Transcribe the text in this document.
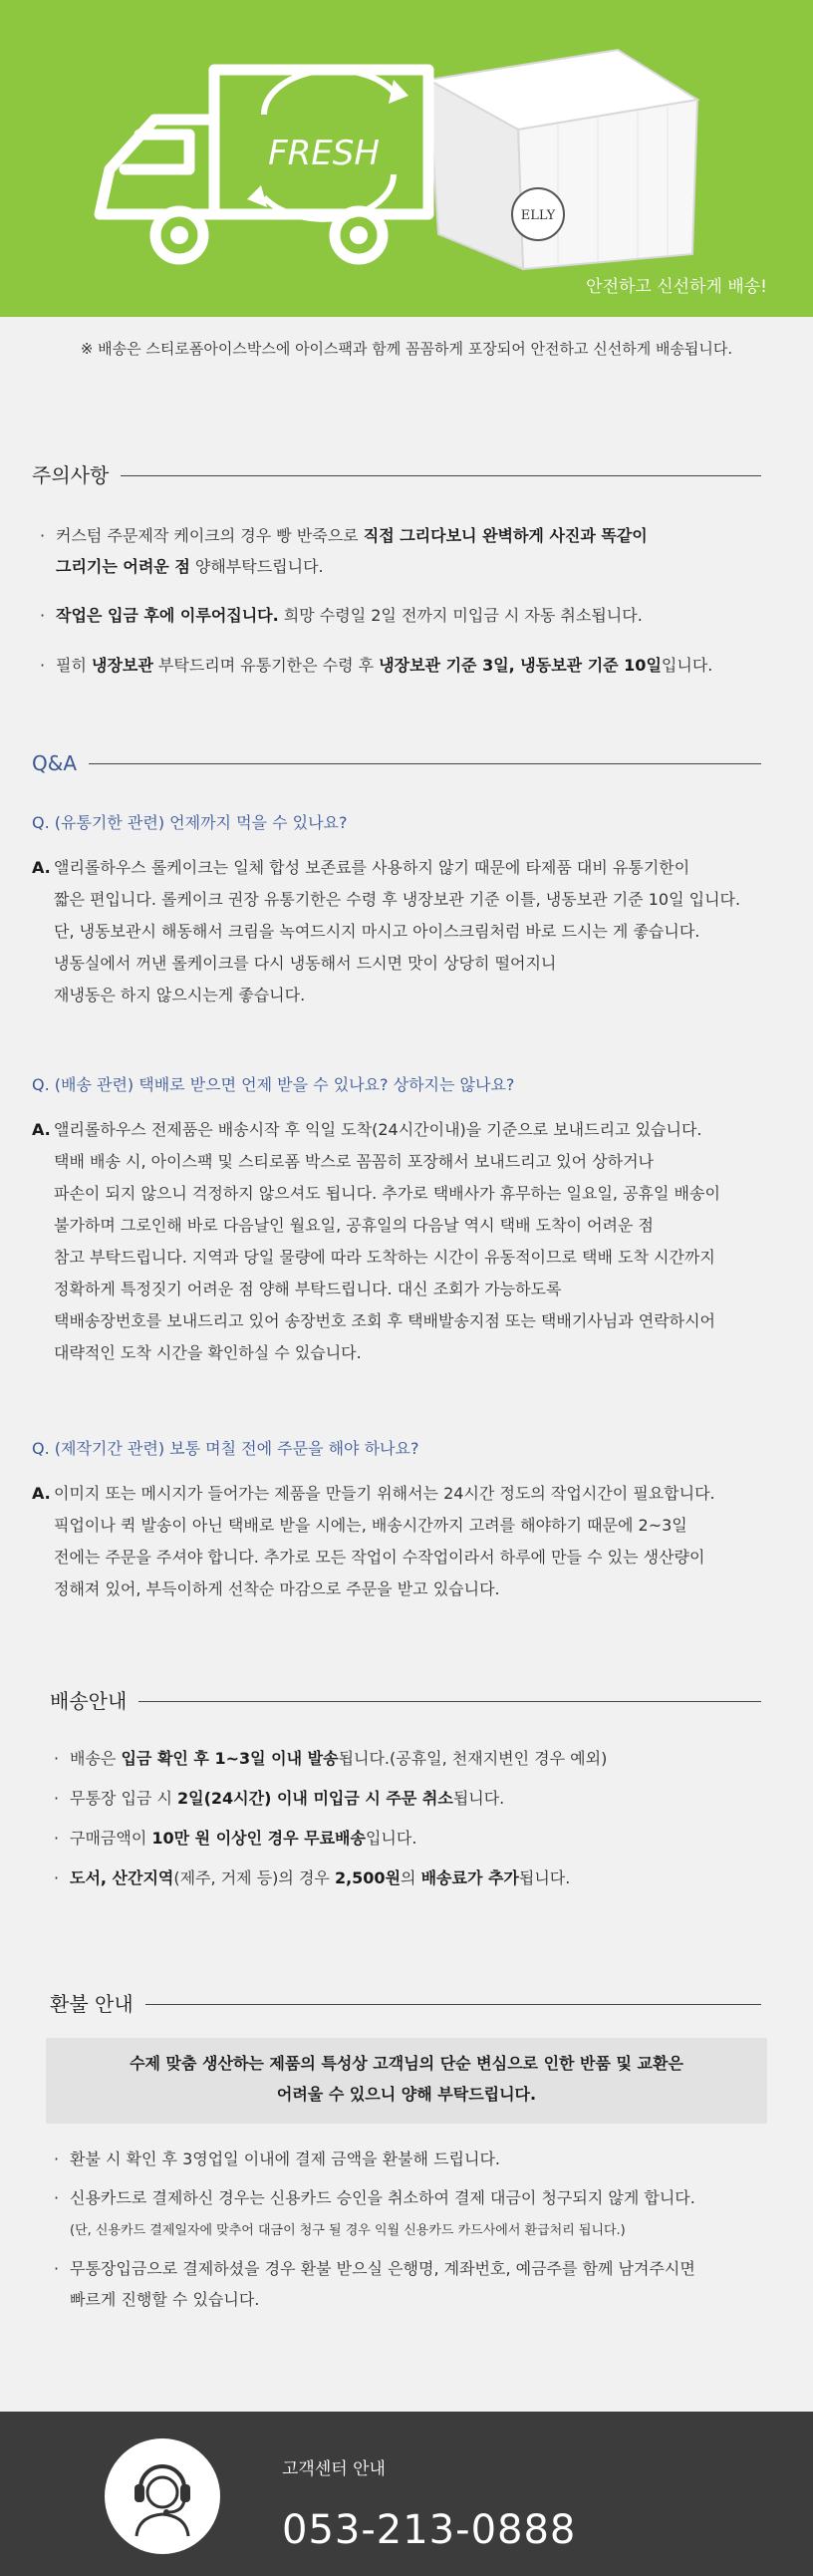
ELLY
FRESH
안전하고 신선하게 배송!
※ 배송은 스티로폼아이스박스에 아이스팩과 함께 꼼꼼하게 포장되어 안전하고 신선하게 배송됩니다.
주의사항
· 커스텀 주문제작 케이크의 경우 빵 반죽으로 직접 그리다보니 완벽하게 사진과 똑같이
그리기는 어려운 점 양해부탁드립니다.
· 작업은 입금 후에 이루어집니다. 희망 수령일 2일 전까지 미입금 시 자동 취소됩니다.
· 필히 냉장보관 부탁드리며 유통기한은 수령 후 냉장보관 기준 3일, 냉동보관 기준 10일입니다.
Q&A
Q. (유통기한 관련) 언제까지 먹을 수 있나요?
A. 앨리롤하우스 롤케이크는 일체 합성 보존료를 사용하지 않기 때문에 타제품 대비 유통기한이
짧은 편입니다. 롤케이크 권장 유통기한은 수령 후 냉장보관 기준 이틀, 냉동보관 기준 10일 입니다.
단, 냉동보관시 해동해서 크림을 녹여드시지 마시고 아이스크림처럼 바로 드시는 게 좋습니다.
냉동실에서 꺼낸 롤케이크를 다시 냉동해서 드시면 맛이 상당히 떨어지니
재냉동은 하지 않으시는게 좋습니다.
Q. (배송 관련) 택배로 받으면 언제 받을 수 있나요? 상하지는 않나요?
A. 앨리롤하우스 전제품은 배송시작 후 익일 도착(24시간이내)을 기준으로 보내드리고 있습니다.
택배 배송 시, 아이스팩 및 스티로폼 박스로 꼼꼼히 포장해서 보내드리고 있어 상하거나
파손이 되지 않으니 걱정하지 않으셔도 됩니다. 추가로 택배사가 휴무하는 일요일, 공휴일 배송이
불가하며 그로인해 바로 다음날인 월요일, 공휴일의 다음날 역시 택배 도착이 어려운 점
참고 부탁드립니다. 지역과 당일 물량에 따라 도착하는 시간이 유동적이므로 택배 도착 시간까지
정확하게 특정짓기 어려운 점 양해 부탁드립니다. 대신 조회가 가능하도록
택배송장번호를 보내드리고 있어 송장번호 조회 후 택배발송지점 또는 택배기사님과 연락하시어
대략적인 도착 시간을 확인하실 수 있습니다.
Q. (제작기간 관련) 보통 며칠 전에 주문을 해야 하나요?
A. 이미지 또는 메시지가 들어가는 제품을 만들기 위해서는 24시간 정도의 작업시간이 필요합니다.
픽업이나 퀵 발송이 아닌 택배로 받을 시에는, 배송시간까지 고려를 해야하기 때문에 2~3일
전에는 주문을 주셔야 합니다. 추가로 모든 작업이 수작업이라서 하루에 만들 수 있는 생산량이
정해져 있어, 부득이하게 선착순 마감으로 주문을 받고 있습니다.
배송안내
· 배송은 입금 확인 후 1~3일 이내 발송됩니다.(공휴일, 천재지변인 경우 예외)
· 무통장 입금 시 2일(24시간) 이내 미입금 시 주문 취소됩니다.
· 구매금액이 10만 원 이상인 경우 무료배송입니다.
· 도서, 산간지역(제주, 거제 등)의 경우 2,500원의 배송료가 추가됩니다.
환불 안내
수제 맞춤 생산하는 제품의 특성상 고객님의 단순 변심으로 인한 반품 및 교환은
어려울 수 있으니 양해 부탁드립니다.
· 환불 시 확인 후 3영업일 이내에 결제 금액을 환불해 드립니다.
· 신용카드로 결제하신 경우는 신용카드 승인을 취소하여 결제 대금이 청구되지 않게 합니다.
(단, 신용카드 결제일자에 맞추어 대금이 청구 될 경우 익월 신용카드 카드사에서 환급처리 됩니다.)
· 무통장입금으로 결제하셨을 경우 환불 받으실 은행명, 계좌번호, 예금주를 함께 남겨주시면
빠르게 진행할 수 있습니다.
고객센터 안내
053-213-0888
